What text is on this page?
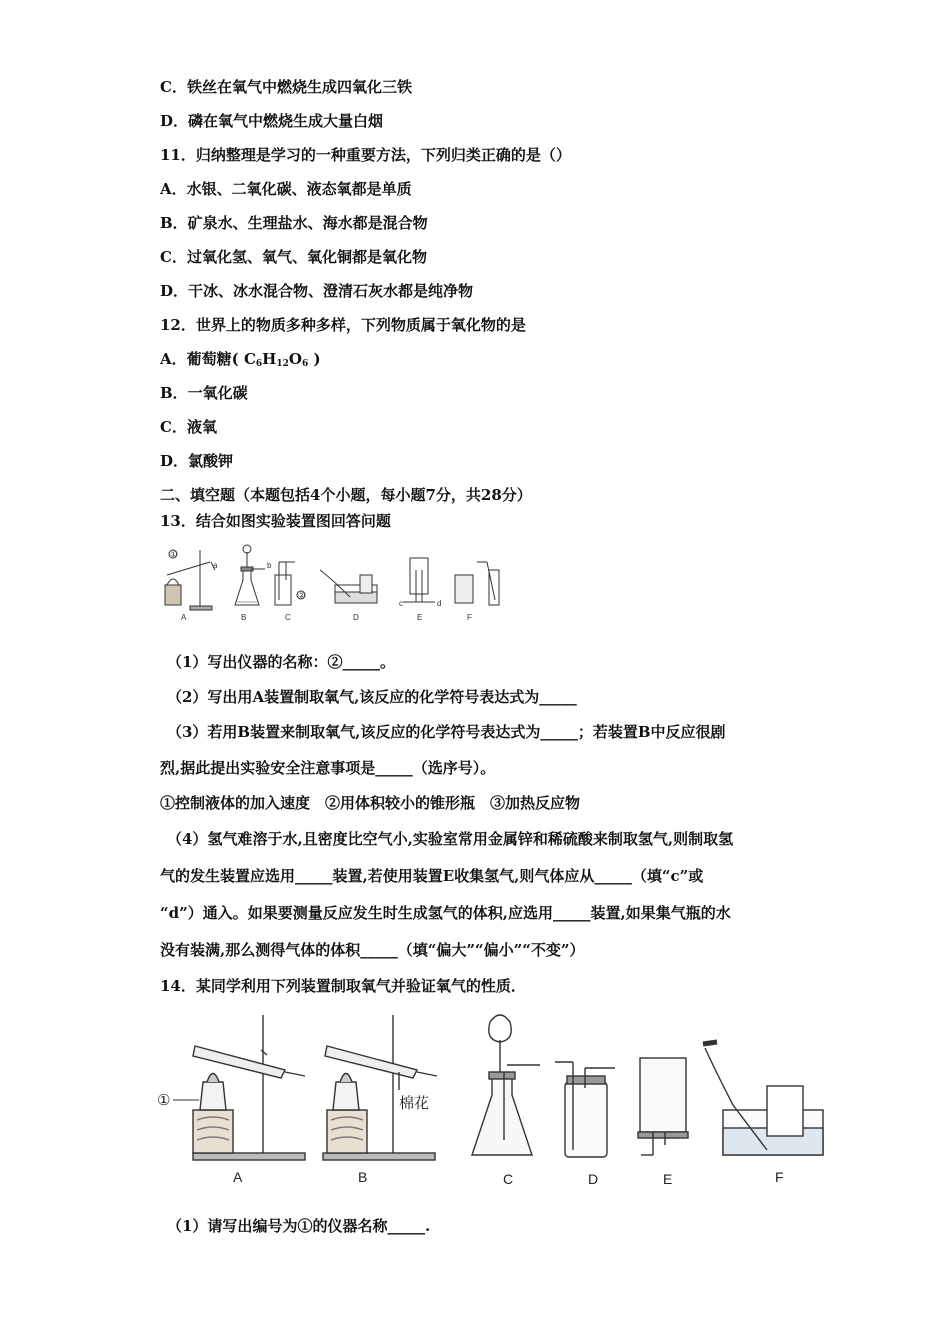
C．铁丝在氧气中燃烧生成四氧化三铁
D．磷在氧气中燃烧生成大量白烟
11．归纳整理是学习的一种重要方法，下列归类正确的是（）
A．水银、二氧化碳、液态氧都是单质
B．矿泉水、生理盐水、海水都是混合物
C．过氧化氢、氧气、氧化铜都是氧化物
D．干冰、冰水混合物、澄清石灰水都是纯净物
12．世界上的物质多种多样，下列物质属于氧化物的是
A．葡萄糖( $C_6H_{12}O_6$ )
B．一氧化碳
C．液氧
D．氯酸钾
二、填空题（本题包括4个小题，每小题7分，共28分）
13．结合如图实验装置图回答问题
A	B	C	D	E	F
①
②
a	b
c	d
（1）写出仪器的名称：②_____。
（2）写出用A装置制取氧气,该反应的化学符号表达式为_____
（3）若用B装置来制取氧气,该反应的化学符号表达式为_____；若装置B中反应很剧
烈,据此提出实验安全注意事项是_____（选序号）。
①控制液体的加入速度　②用体积较小的锥形瓶　③加热反应物
（4）氢气难溶于水,且密度比空气小,实验室常用金属锌和稀硫酸来制取氢气,则制取氢
气的发生装置应选用_____装置,若使用装置E收集氢气,则气体应从_____（填“c”或
“d”）通入。如果要测量反应发生时生成氢气的体积,应选用_____装置,如果集气瓶的水
没有装满,那么测得气体的体积_____（填“偏大”“偏小”“不变”）
14．某同学利用下列装置制取氧气并验证氧气的性质．
①	棉花
A	B	C	D	E	F
（1）请写出编号为①的仪器名称_____.
